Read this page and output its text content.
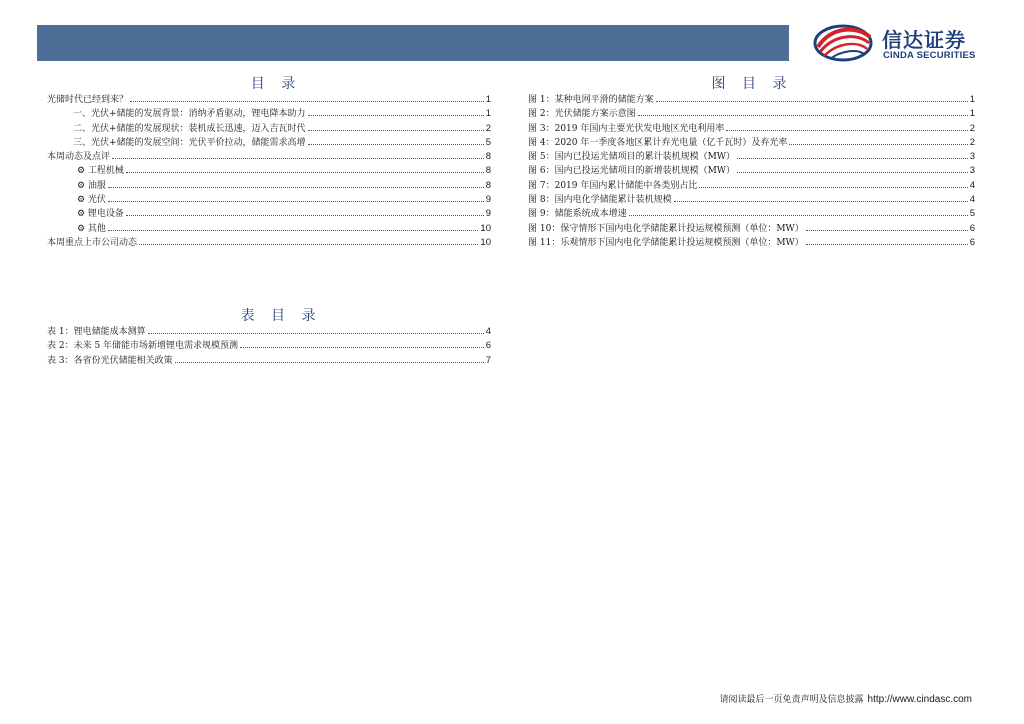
信达证券
CINDA SECURITIES
目 录
光储时代已经到来？	1
一、光伏+储能的发展背景：消纳矛盾驱动，锂电降本助力	1
二、光伏+储能的发展现状：装机成长迅速，迈入吉瓦时代	2
三、光伏+储能的发展空间：光伏平价拉动，储能需求高增	5
本周动态及点评	8
⚙ 工程机械	8
⚙ 油服	8
⚙ 光伏	9
⚙ 锂电设备	9
⚙ 其他	10
本周重点上市公司动态	10
图 目 录
图 1：某种电网平滑的储能方案	1
图 2：光伏储能方案示意图	1
图 3：2019 年国内主要光伏发电地区光电利用率	2
图 4：2020 年一季度各地区累计弃光电量（亿千瓦时）及弃光率	2
图 5：国内已投运光储项目的累计装机规模（MW）	3
图 6：国内已投运光储项目的新增装机规模（MW）	3
图 7：2019 年国内累计储能中各类别占比	4
图 8：国内电化学储能累计装机规模	4
图 9：储能系统成本增速	5
图 10：保守情形下国内电化学储能累计投运规模预测（单位：MW）	6
图 11：乐观情形下国内电化学储能累计投运规模预测（单位：MW）	6
表 目 录
表 1：锂电储能成本测算	4
表 2：未来 5 年储能市场新增锂电需求规模预测	6
表 3：各省份光伏储能相关政策	7
请阅读最后一页免责声明及信息披露 http://www.cindasc.com
